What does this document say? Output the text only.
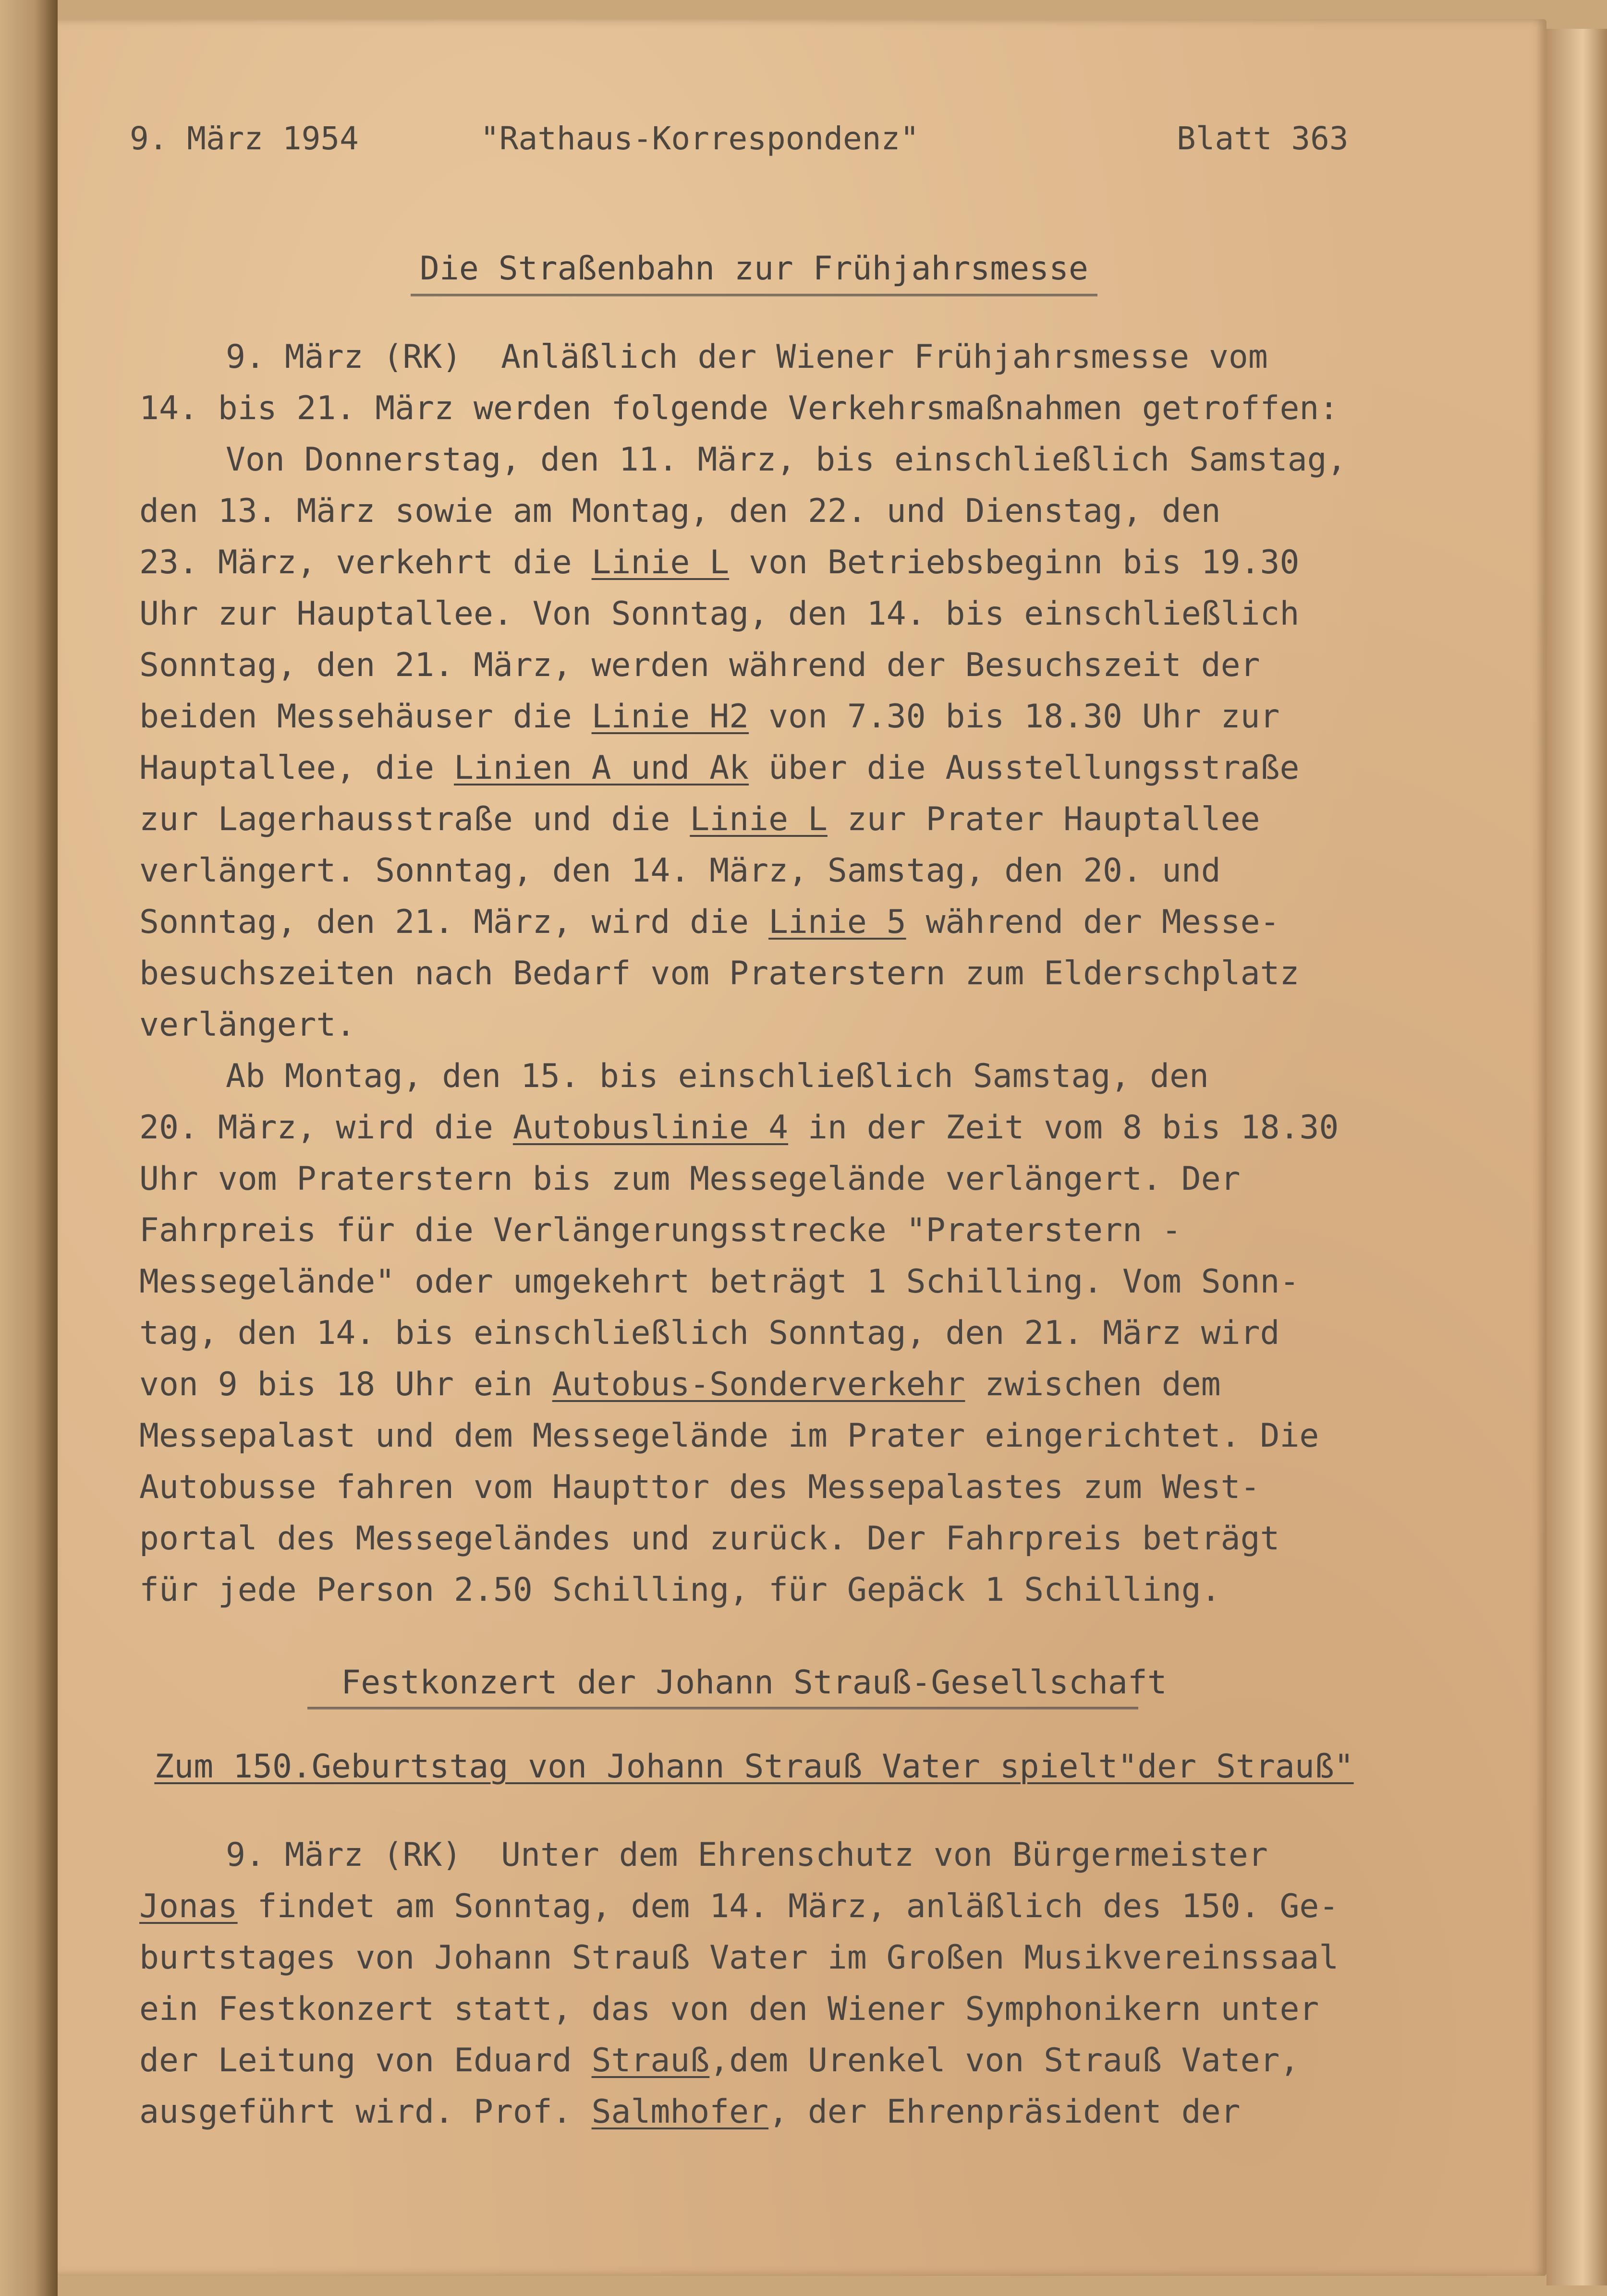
9. März 1954	"Rathaus-Korrespondenz"	Blatt 363
Die Straßenbahn zur Frühjahrsmesse
9. März (RK)  Anläßlich der Wiener Frühjahrsmesse vom
14. bis 21. März werden folgende Verkehrsmaßnahmen getroffen:
Von Donnerstag, den 11. März, bis einschließlich Samstag,
den 13. März sowie am Montag, den 22. und Dienstag, den
23. März, verkehrt die Linie L von Betriebsbeginn bis 19.30
Uhr zur Hauptallee. Von Sonntag, den 14. bis einschließlich
Sonntag, den 21. März, werden während der Besuchszeit der
beiden Messehäuser die Linie H2 von 7.30 bis 18.30 Uhr zur
Hauptallee, die Linien A und Ak über die Ausstellungsstraße
zur Lagerhausstraße und die Linie L zur Prater Hauptallee
verlängert. Sonntag, den 14. März, Samstag, den 20. und
Sonntag, den 21. März, wird die Linie 5 während der Messe-
besuchszeiten nach Bedarf vom Praterstern zum Elderschplatz
verlängert.
Ab Montag, den 15. bis einschließlich Samstag, den
20. März, wird die Autobuslinie 4 in der Zeit vom 8 bis 18.30
Uhr vom Praterstern bis zum Messegelände verlängert. Der
Fahrpreis für die Verlängerungsstrecke "Praterstern -
Messegelände" oder umgekehrt beträgt 1 Schilling. Vom Sonn-
tag, den 14. bis einschließlich Sonntag, den 21. März wird
von 9 bis 18 Uhr ein Autobus-Sonderverkehr zwischen dem
Messepalast und dem Messegelände im Prater eingerichtet. Die
Autobusse fahren vom Haupttor des Messepalastes zum West-
portal des Messegeländes und zurück. Der Fahrpreis beträgt
für jede Person 2.50 Schilling, für Gepäck 1 Schilling.
Festkonzert der Johann Strauß-Gesellschaft
Zum 150.Geburtstag von Johann Strauß Vater spielt"der Strauß"
9. März (RK)  Unter dem Ehrenschutz von Bürgermeister
Jonas findet am Sonntag, dem 14. März, anläßlich des 150. Ge-
burtstages von Johann Strauß Vater im Großen Musikvereinssaal
ein Festkonzert statt, das von den Wiener Symphonikern unter
der Leitung von Eduard Strauß,dem Urenkel von Strauß Vater,
ausgeführt wird. Prof. Salmhofer, der Ehrenpräsident der
